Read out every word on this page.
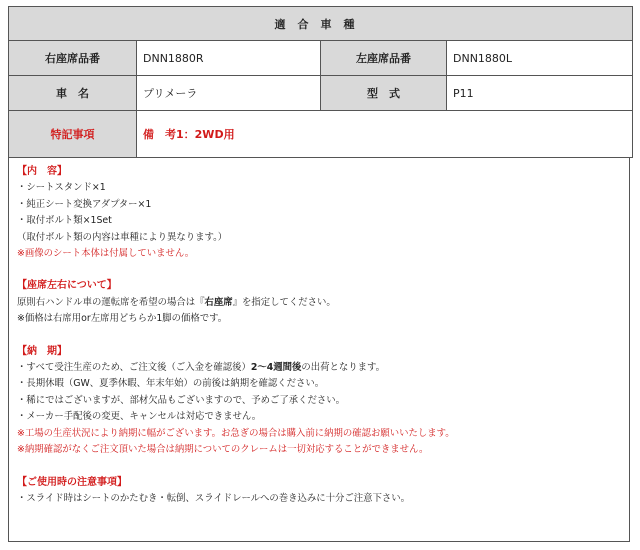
適合車種			
右座席品番	DNN1880R	左座席品番	DNN1880L
車　名	プリメーラ	型　式	P11
特記事項	備　考1：2WD用		
【内　容】
・シートスタンド×1
・純正シート変換アダプター×1
・取付ボルト類×1Set
（取付ボルト類の内容は車種により異なります。）
※画像のシート本体は付属していません。
【座席左右について】
原則右ハンドル車の運転席を希望の場合は『右座席』を指定してください。
※価格は右席用or左席用どちらか1脚の価格です。
【納　期】
・すべて受注生産のため、ご注文後（ご入金を確認後）2〜4週間後の出荷となります。
・長期休暇（GW、夏季休暇、年末年始）の前後は納期を確認ください。
・稀にではございますが、部材欠品もございますので、予めご了承ください。
・メーカー手配後の変更、キャンセルは対応できません。
※工場の生産状況により納期に幅がございます。お急ぎの場合は購入前に納期の確認お願いいたします。
※納期確認がなくご注文頂いた場合は納期についてのクレームは一切対応することができません。
【ご使用時の注意事項】
・スライド時はシートのかたむき・転倒、スライドレールへの巻き込みに十分ご注意下さい。
